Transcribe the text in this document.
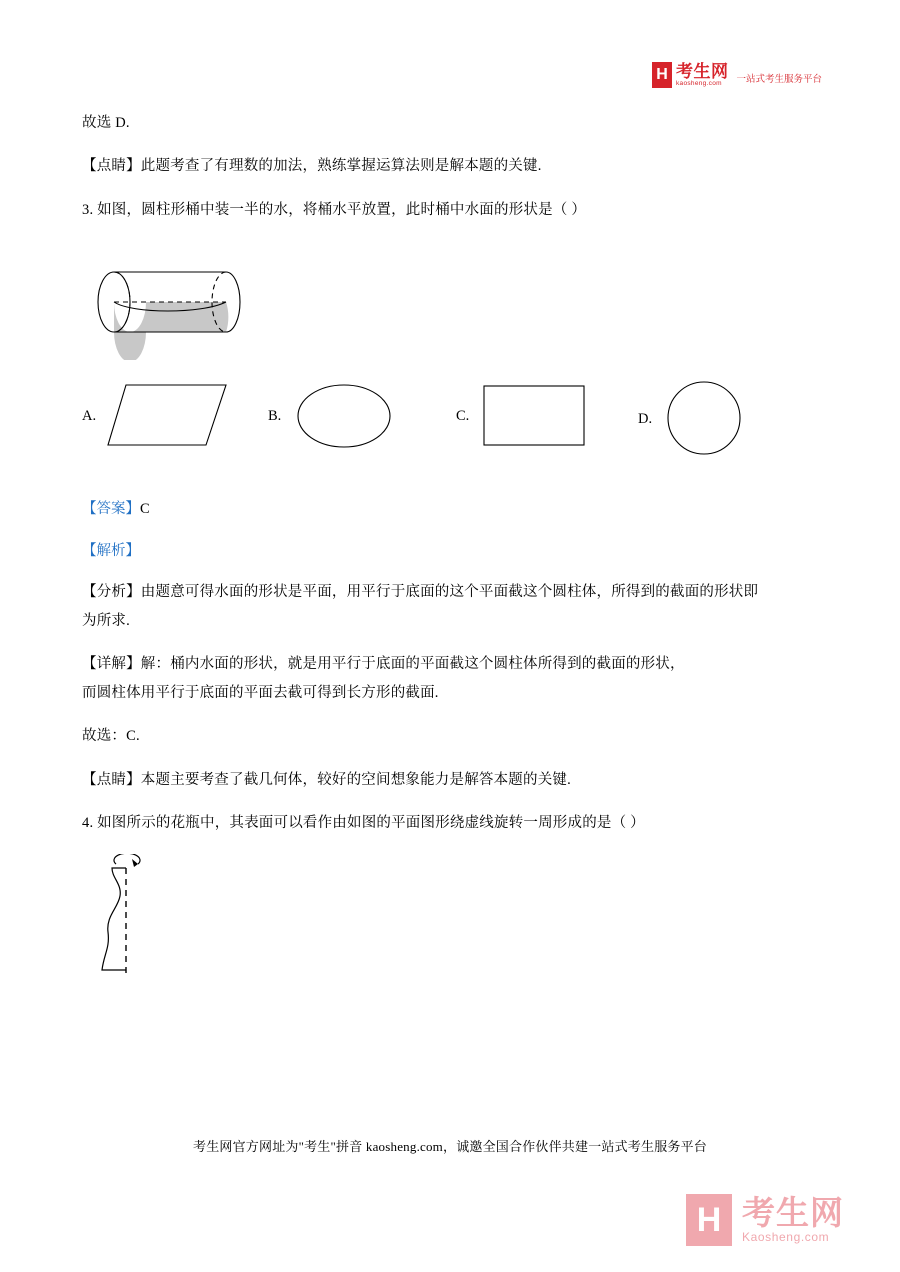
H 考生网
kaosheng.com	一站式考生服务平台

故选 D.

【点睛】此题考查了有理数的加法，熟练掌握运算法则是解本题的关键.

3. 如图，圆柱形桶中装一半的水，将桶水平放置，此时桶中水面的形状是（ ）

A.	B.	C.	D.

【答案】C

【解析】

【分析】由题意可得水面的形状是平面，用平行于底面的这个平面截这个圆柱体，所得到的截面的形状即

为所求.

【详解】解：桶内水面的形状，就是用平行于底面的平面截这个圆柱体所得到的截面的形状，

而圆柱体用平行于底面的平面去截可得到长方形的截面.

故选：C.

【点睛】本题主要考查了截几何体，较好的空间想象能力是解答本题的关键.

4. 如图所示的花瓶中，其表面可以看作由如图的平面图形绕虚线旋转一周形成的是（ ）

考生网官方网址为"考生"拼音 kaosheng.com，诚邀全国合作伙伴共建一站式考生服务平台
H 考生网
Kaosheng.com
